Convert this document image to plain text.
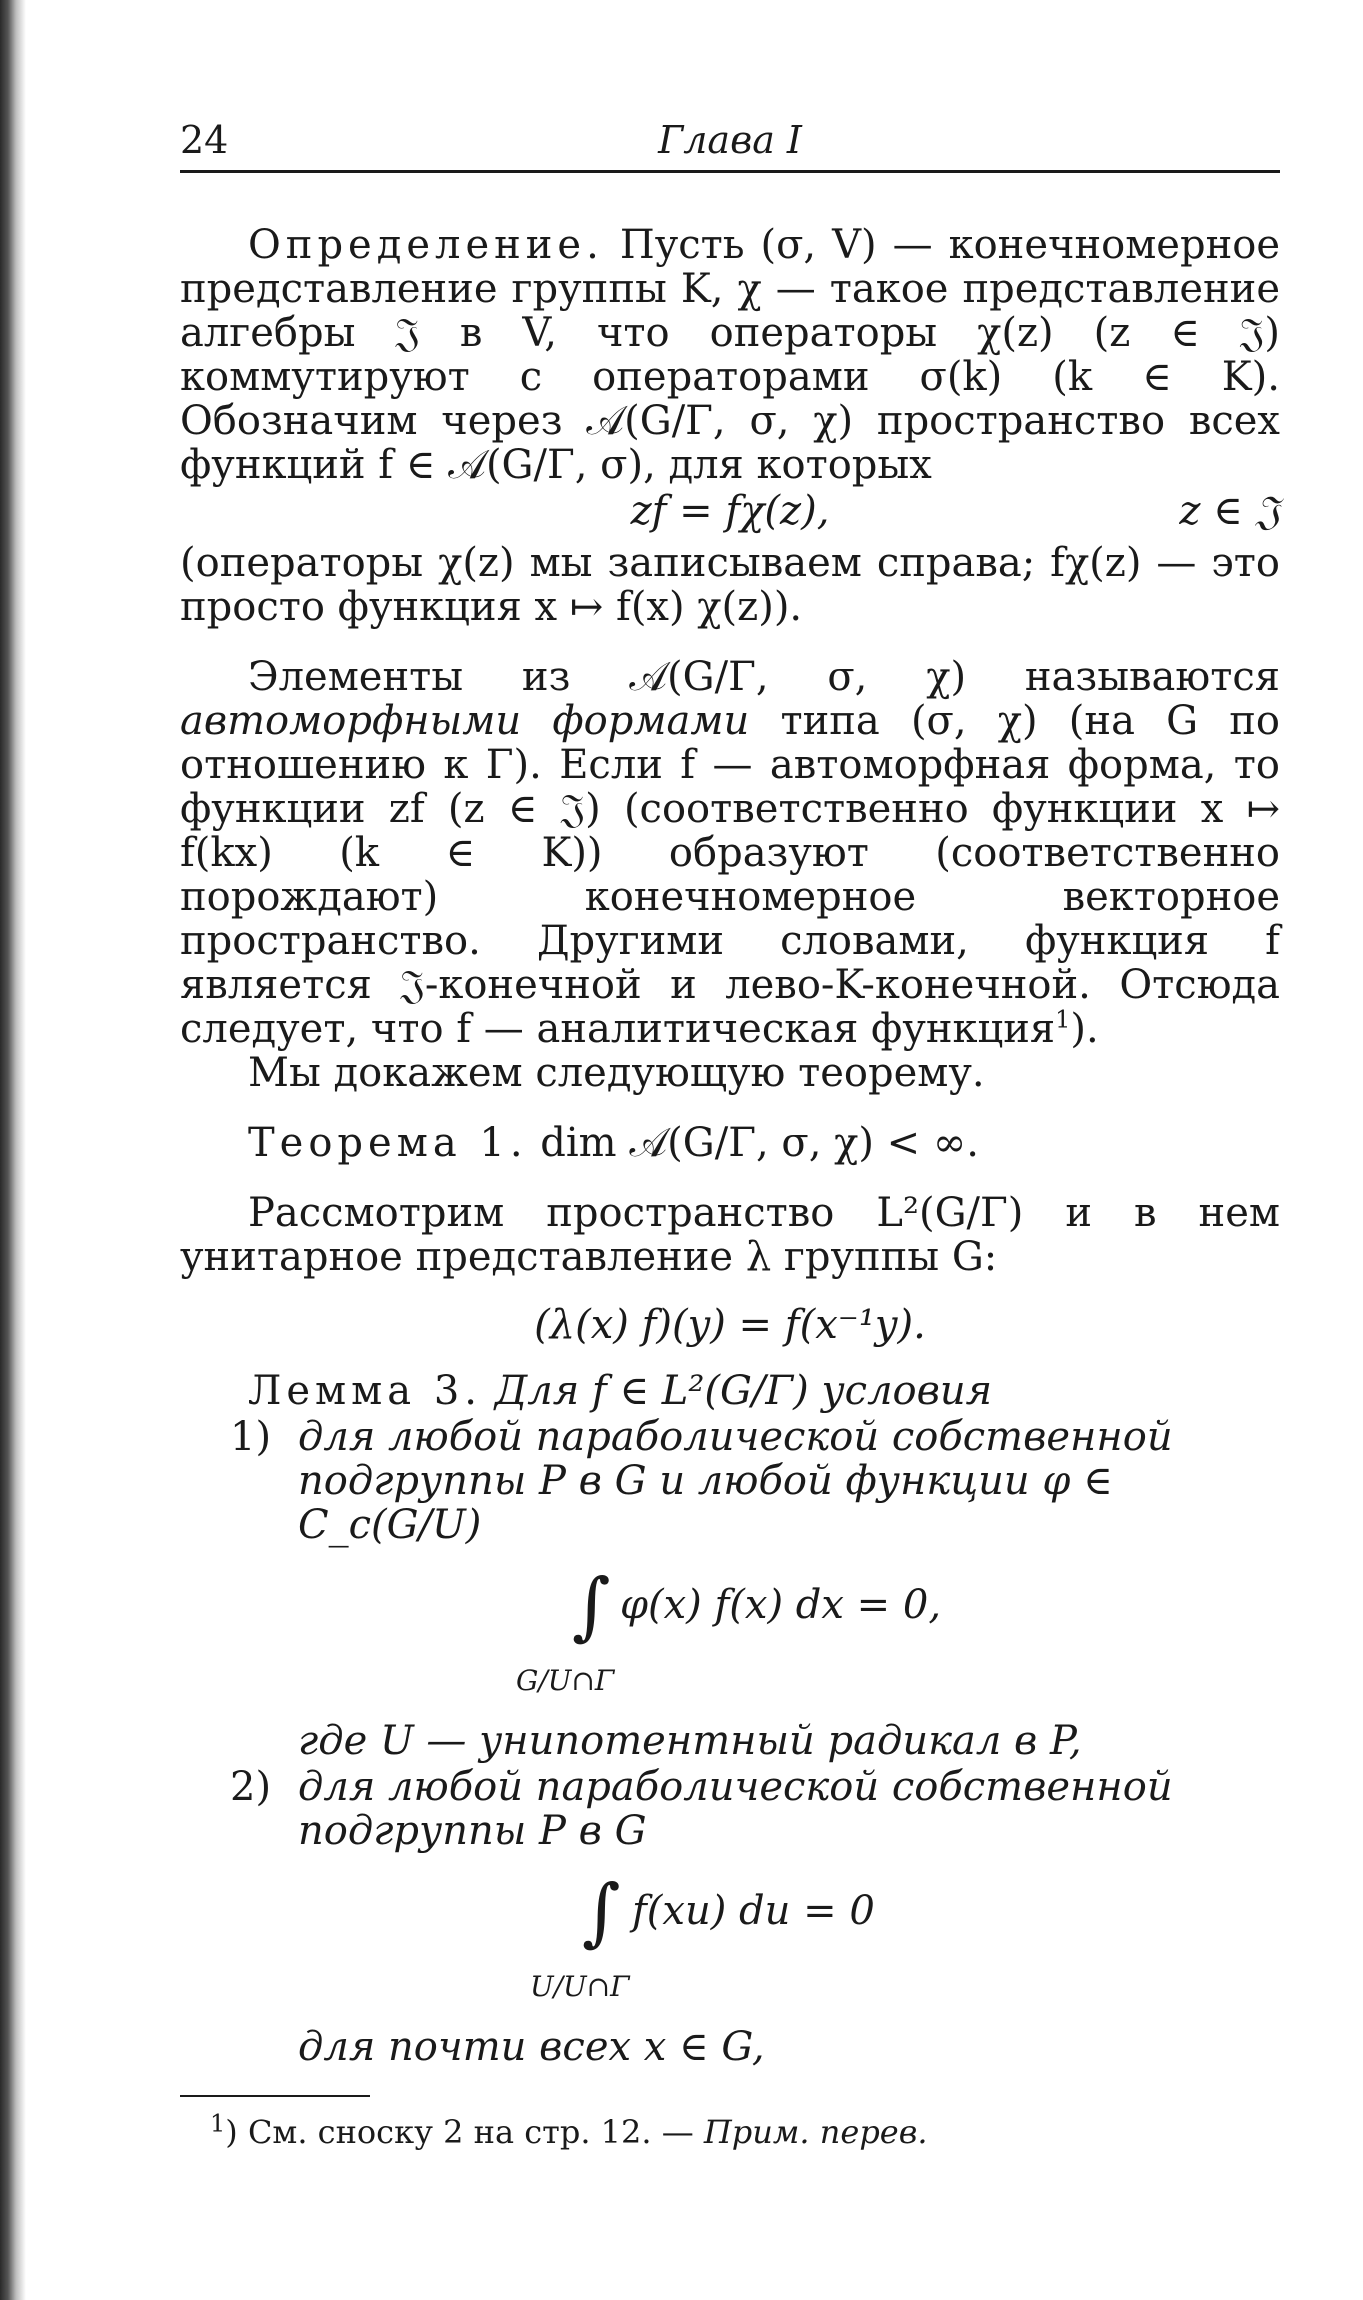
24	Глава I

Определение. Пусть (σ, V) — конечномерное представление группы K, χ — такое представление алгебры 𝔍 в V, что операторы χ(z) (z ∈ 𝔍) коммутируют с операторами σ(k) (k ∈ K). Обозначим через 𝒜(G/Γ, σ, χ) пространство всех функций f ∈ 𝒜(G/Γ, σ), для которых

zf = fχ(z),	z ∈ 𝔍

(операторы χ(z) мы записываем справа; fχ(z) — это просто функция x ↦ f(x) χ(z)).

Элементы из 𝒜(G/Γ, σ, χ) называются автоморфными формами типа (σ, χ) (на G по отношению к Γ). Если f — автоморфная форма, то функции zf (z ∈ 𝔍) (соответственно функции x ↦ f(kx) (k ∈ K)) образуют (соответственно порождают) конечномерное векторное пространство. Другими словами, функция f является 𝔍-конечной и лево-K-конечной. Отсюда следует, что f — аналитическая функция$^1$).

Мы докажем следующую теорему.

Теорема 1. dim 𝒜(G/Γ, σ, χ) < ∞.

Рассмотрим пространство L²(G/Γ) и в нем унитарное представление λ группы G:

(λ(x) f)(y) = f(x⁻¹y).

Лемма 3. Для f ∈ L²(G/Γ) условия

1) для любой параболической собственной подгруппы P в G и любой функции φ ∈ C_c(G/U)
∫ φ(x) f(x) dx = 0,
G/U∩Γ

где U — унипотентный радикал в P,

2) для любой параболической собственной подгруппы P в G
∫ f(xu) du = 0
U/U∩Γ

для почти всех x ∈ G,

$^1$) См. сноску 2 на стр. 12. — Прим. перев.
